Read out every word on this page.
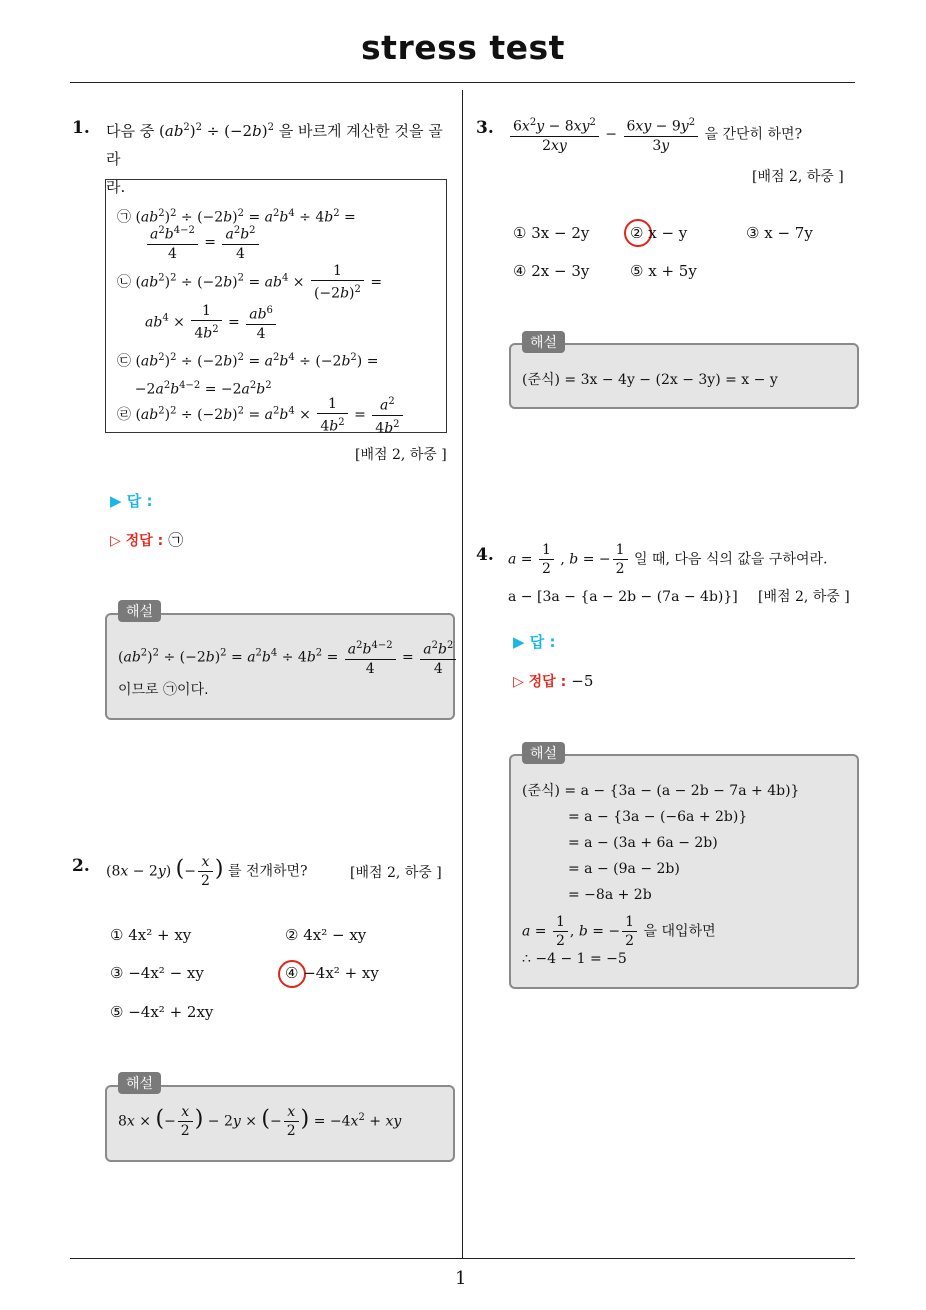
stress test
1
1. 다음 중 $(ab^2)^2 \div (-2b)^2$ 을 바르게 계산한 것을 골라
라.
㉠ $(ab^2)^2 \div (-2b)^2 = a^2b^4 \div 4b^2$ =
$\frac{a^2b^{4-2}}{4} = \frac{a^2b^2}{4}$
㉡ $(ab^2)^2 \div (-2b)^2 = ab^4 \times \frac{1}{(-2b)^2}$ =
$ab^4 \times \frac{1}{4b^2} = \frac{ab^6}{4}$
㉢ $(ab^2)^2 \div (-2b)^2 = a^2b^4 \div (-2b^2)$ =
$-2a^2b^{4-2} = -2a^2b^2$
㉣ $(ab^2)^2 \div (-2b)^2 = a^2b^4 \times \frac{1}{4b^2} = \frac{a^2}{4b^2}$
[배점 2, 하중 ]
▶ 답 :
▷ 정답 : ㉠
해설
$(ab^2)^2 \div (-2b)^2 = a^2b^4 \div 4b^2 = \frac{a^2b^{4-2}}{4} = \frac{a^2b^2}{4}$
이므로 ㉠이다.
2. (8x − 2y) (− $\frac{x}{2}$ ) 를 전개하면?	[배점 2, 하중 ]
① 4x² + xy	② 4x² − xy
③ −4x² − xy	④ −4x² + xy
⑤ −4x² + 2xy
해설
8x × (− $\frac{x}{2}$ ) − 2y × (− $\frac{x}{2}$ ) = $-4x^2$ + xy
3. $\frac{6x^2y - 8xy^2}{2xy} - \frac{6xy - 9y^2}{3y}$ 을 간단히 하면?
[배점 2, 하중 ]
① 3x − 2y	② x − y	③ x − 7y
④ 2x − 3y	⑤ x + 5y
해설
(준식) = 3x − 4y − (2x − 3y) = x − y
4. $a = \frac{1}{2}$ , b = − $\frac{1}{2}$ 일 때, 다음 식의 값을 구하여라.
a − [3a − {a − 2b − (7a − 4b)}] [배점 2, 하중 ]
▶ 답 :
▷ 정답 : −5
해설
(준식) = a − {3a − (a − 2b − 7a + 4b)}
= a − {3a − (−6a + 2b)}
= a − (3a + 6a − 2b)
= a − (9a − 2b)
= −8a + 2b
$a = \frac{1}{2}$ , b = − $\frac{1}{2}$ 을 대입하면
∴ −4 − 1 = −5
